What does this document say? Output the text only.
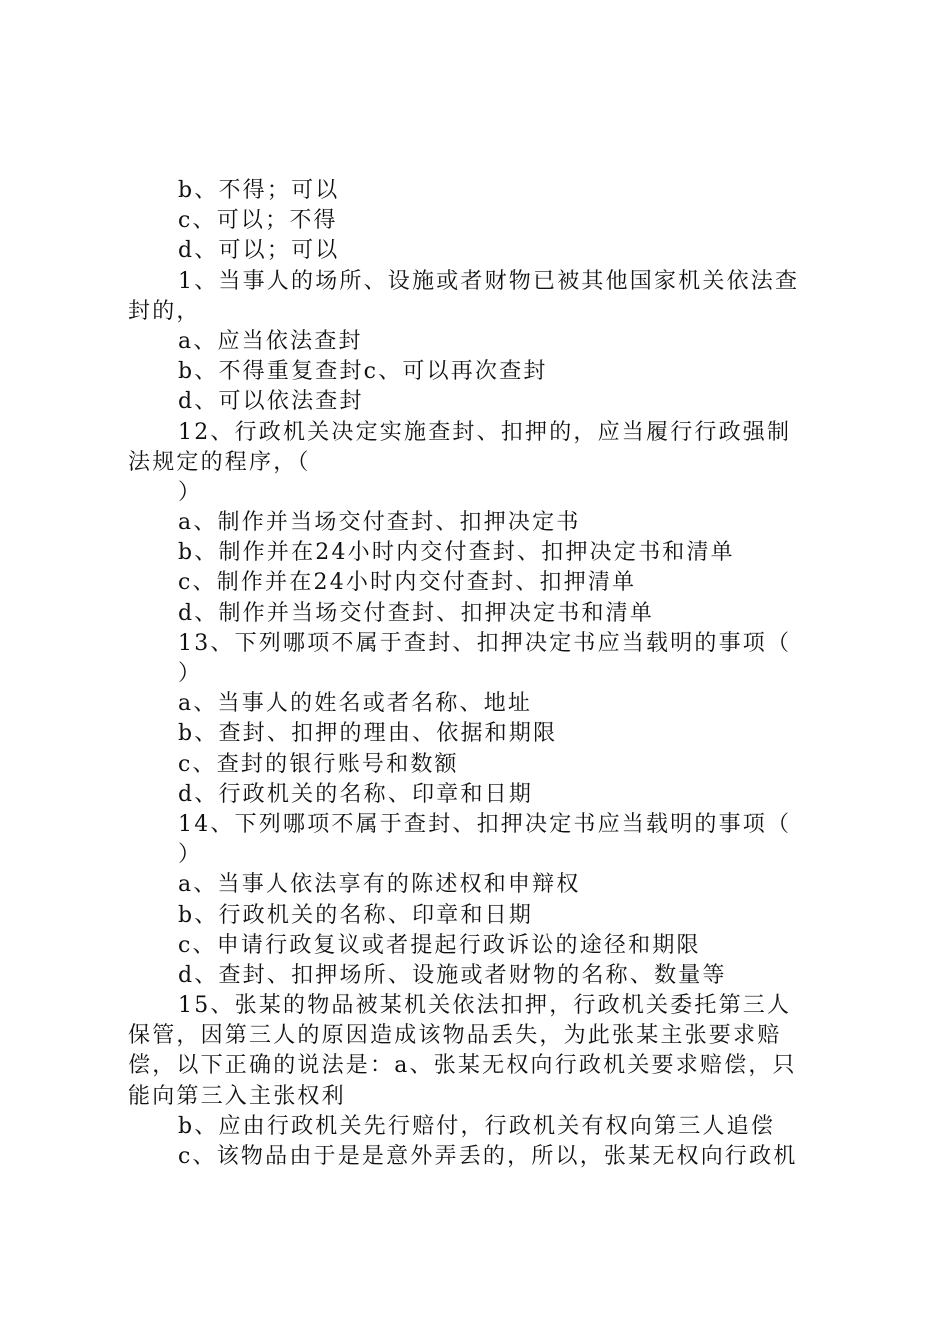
b、不得；可以
c、可以；不得
d、可以；可以
1、当事人的场所、设施或者财物已被其他国家机关依法查
封的，
a、应当依法查封
b、不得重复查封c、可以再次查封
d、可以依法查封
12、行政机关决定实施查封、扣押的，应当履行行政强制
法规定的程序，（
）
a、制作并当场交付查封、扣押决定书
b、制作并在24小时内交付查封、扣押决定书和清单
c、制作并在24小时内交付查封、扣押清单
d、制作并当场交付查封、扣押决定书和清单
13、下列哪项不属于查封、扣押决定书应当载明的事项（
）
a、当事人的姓名或者名称、地址
b、查封、扣押的理由、依据和期限
c、查封的银行账号和数额
d、行政机关的名称、印章和日期
14、下列哪项不属于查封、扣押决定书应当载明的事项（
）
a、当事人依法享有的陈述权和申辩权
b、行政机关的名称、印章和日期
c、申请行政复议或者提起行政诉讼的途径和期限
d、查封、扣押场所、设施或者财物的名称、数量等
15、张某的物品被某机关依法扣押，行政机关委托第三人
保管，因第三人的原因造成该物品丢失，为此张某主张要求赔
偿，以下正确的说法是：a、张某无权向行政机关要求赔偿，只
能向第三入主张权利
b、应由行政机关先行赔付，行政机关有权向第三人追偿
c、该物品由于是是意外弄丢的，所以，张某无权向行政机
